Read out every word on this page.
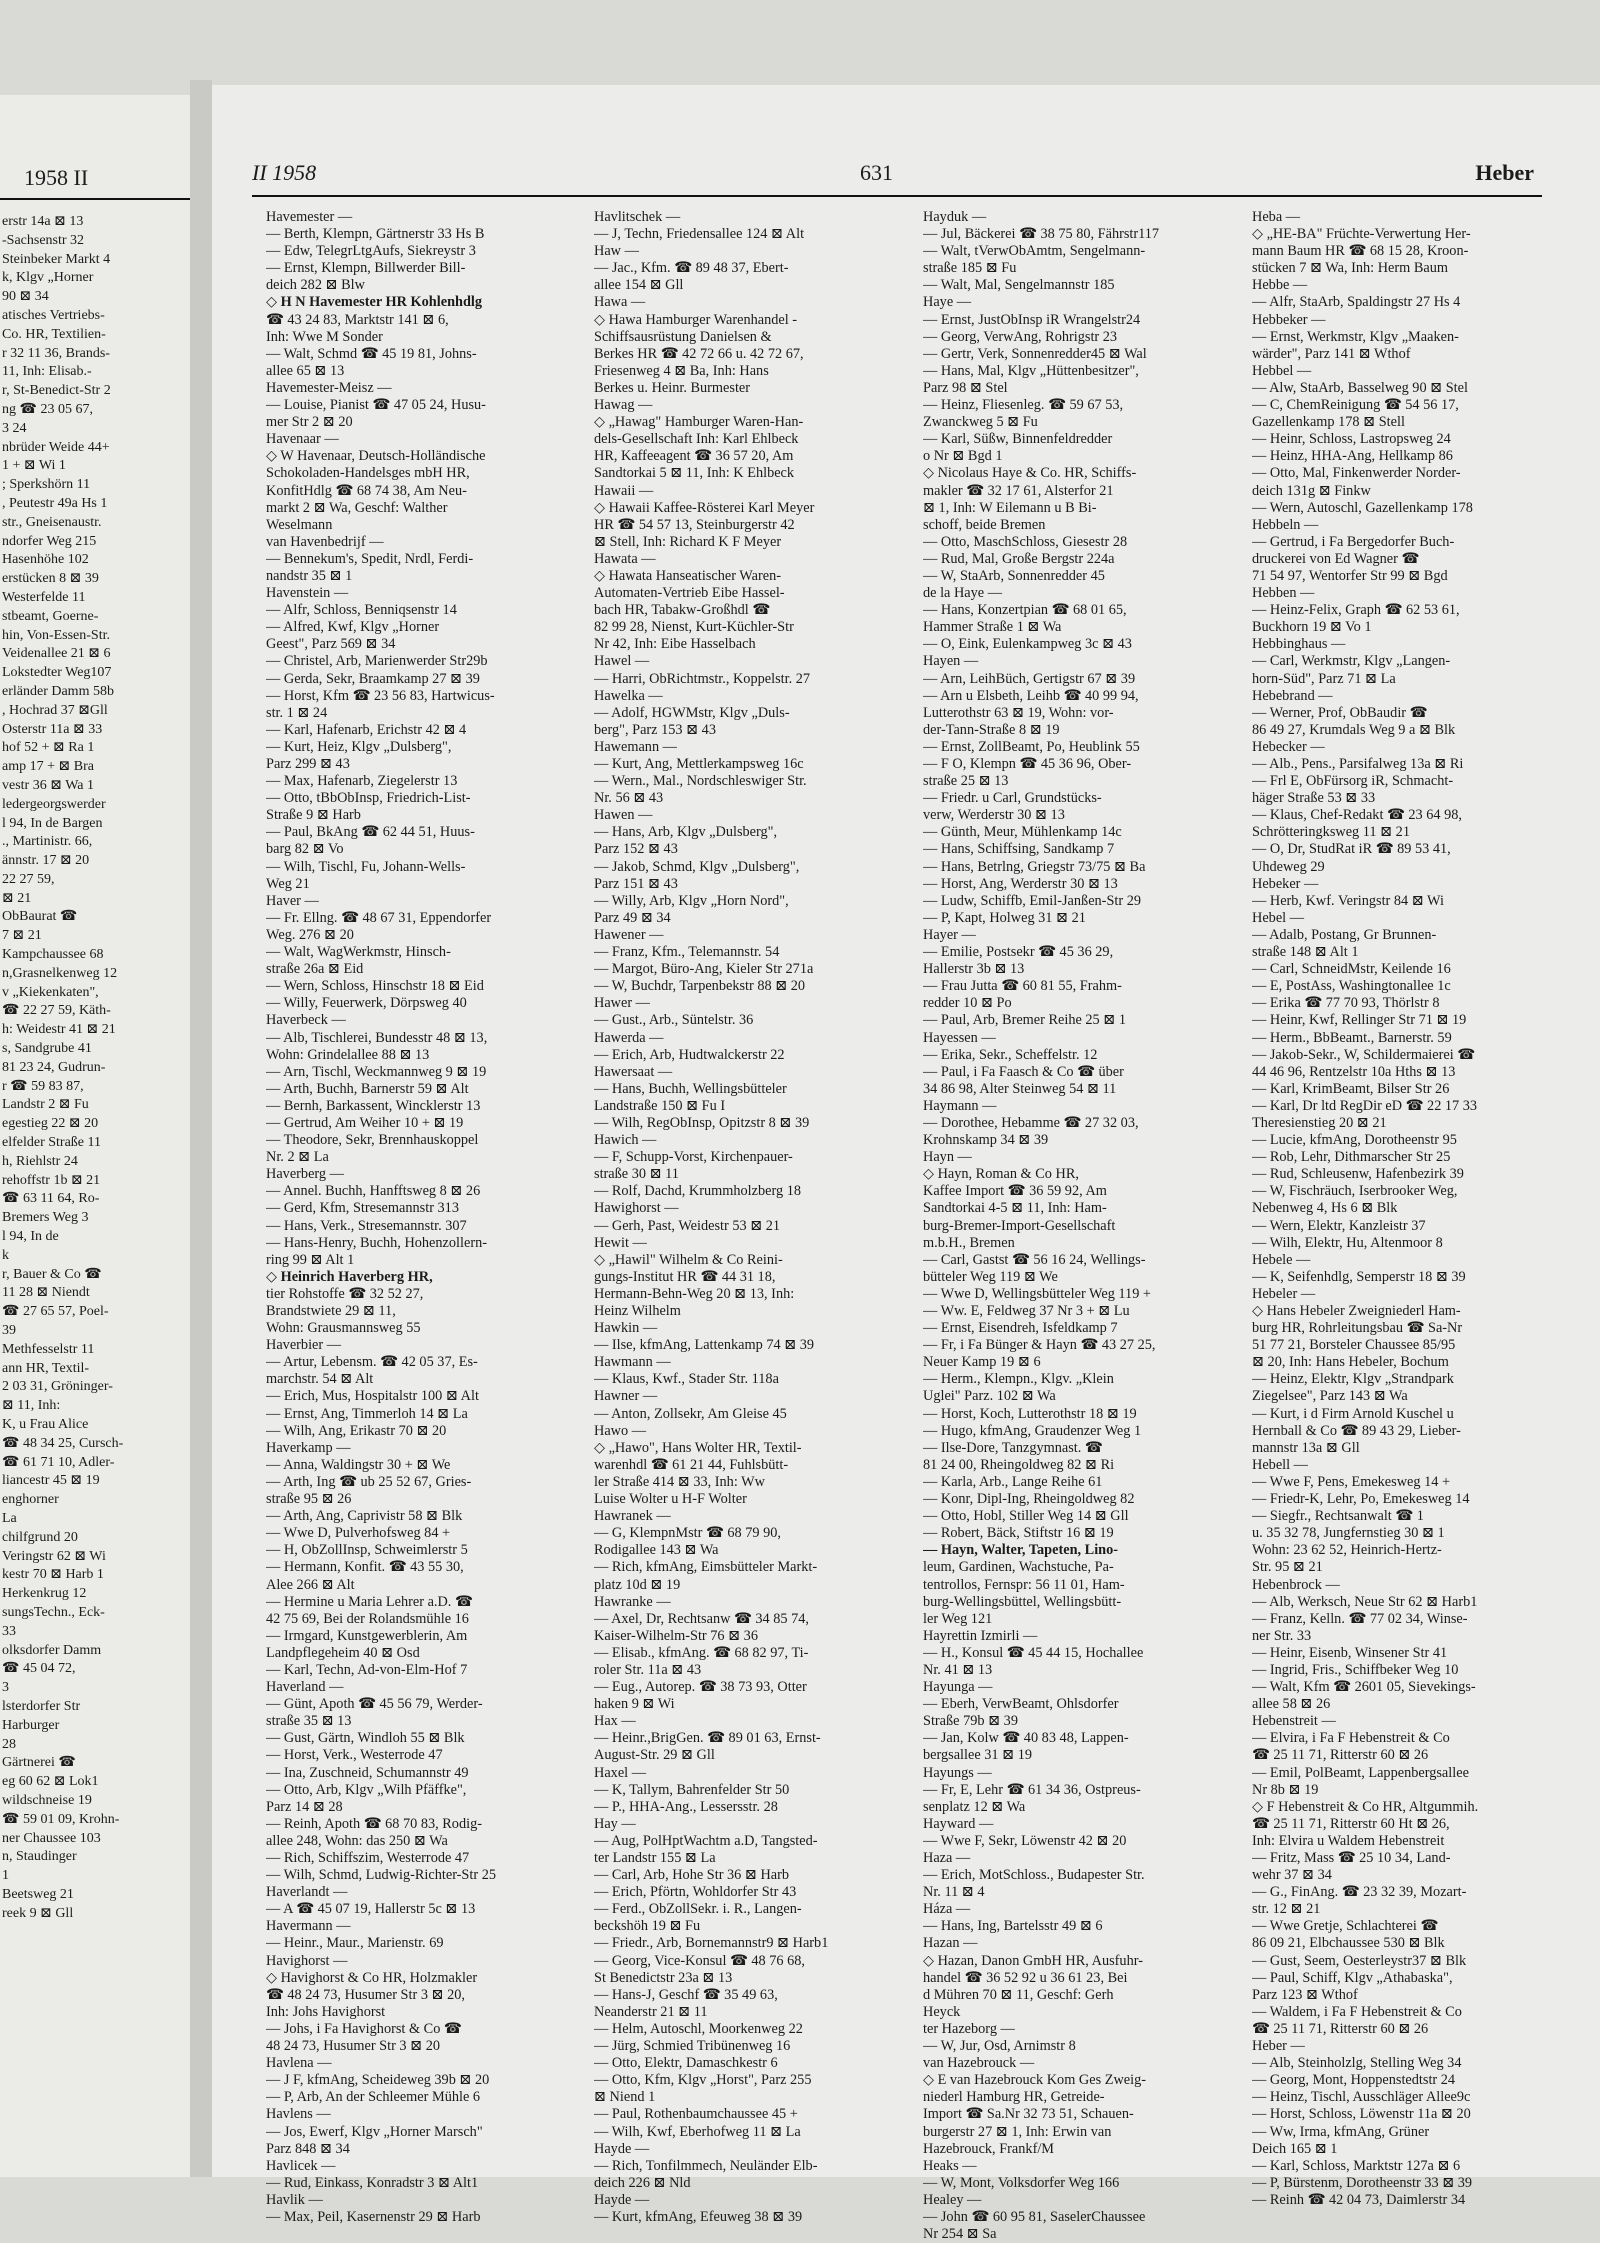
1958 II
erstr 14a ⊠ 13
-Sachsenstr 32
Steinbeker Markt 4
k, Klgv „Horner
90 ⊠ 34
atisches Vertriebs-
Co. HR, Textilien-
r 32 11 36, Brands-
11, Inh: Elisab.-
r, St-Benedict-Str 2
ng ☎ 23 05 67,
3 24
nbrüder Weide 44+
1 + ⊠ Wi 1
; Sperkshörn 11
, Peutestr 49a Hs 1
str., Gneisenaustr.
ndorfer Weg 215
Hasenhöhe 102
erstücken 8 ⊠ 39
Westerfelde 11
stbeamt, Goerne-
hin, Von-Essen-Str.
Veidenallee 21 ⊠ 6
Lokstedter Weg107
erländer Damm 58b
, Hochrad 37 ⊠Gll
Osterstr 11a ⊠ 33
hof 52 + ⊠ Ra 1
amp 17 + ⊠ Bra
vestr 36 ⊠ Wa 1
ledergeorgswerder
l 94, In de Bargen
., Martinistr. 66,
ännstr. 17 ⊠ 20
22 27 59,
⊠ 21
ObBaurat ☎
7 ⊠ 21
Kampchaussee 68
n,Grasnelkenweg 12
v „Kiekenkaten",
☎ 22 27 59, Käth-
h: Weidestr 41 ⊠ 21
s, Sandgrube 41
81 23 24, Gudrun-
r ☎ 59 83 87,
Landstr 2 ⊠ Fu
egestieg 22 ⊠ 20
elfelder Straße 11
h, Riehlstr 24
rehoffstr 1b ⊠ 21
☎ 63 11 64, Ro-
Bremers Weg 3
l 94, In de
k
r, Bauer & Co ☎
11 28 ⊠ Niendt
☎ 27 65 57, Poel-
39
Methfesselstr 11
ann HR, Textil-
2 03 31, Gröninger-
⊠ 11, Inh:
K, u Frau Alice
☎ 48 34 25, Cursch-
☎ 61 71 10, Adler-
liancestr 45 ⊠ 19
enghorner
La
chilfgrund 20
Veringstr 62 ⊠ Wi
kestr 70 ⊠ Harb 1
Herkenkrug 12
sungsTechn., Eck-
33
olksdorfer Damm
☎ 45 04 72,
3
lsterdorfer Str
Harburger
28
Gärtnerei ☎
eg 60 62 ⊠ Lok1
wildschneise 19
☎ 59 01 09, Krohn-
ner Chaussee 103
n, Staudinger
1
Beetsweg 21
reek 9 ⊠ Gll
II 1958	631	Heber
Havemester —
— Berth, Klempn, Gärtnerstr 33 Hs B
— Edw, TelegrLtgAufs, Siekreystr 3
— Ernst, Klempn, Billwerder Bill-
deich 282 ⊠ Blw
◇ H N Havemester HR Kohlenhdlg
☎ 43 24 83, Marktstr 141 ⊠ 6,
Inh: Wwe M Sonder
— Walt, Schmd ☎ 45 19 81, Johns-
allee 65 ⊠ 13
Havemester-Meisz —
— Louise, Pianist ☎ 47 05 24, Husu-
mer Str 2 ⊠ 20
Havenaar —
◇ W Havenaar, Deutsch-Holländische
Schokoladen-Handelsges mbH HR,
KonfitHdlg ☎ 68 74 38, Am Neu-
markt 2 ⊠ Wa, Geschf: Walther
Weselmann
van Havenbedrijf —
— Bennekum's, Spedit, Nrdl, Ferdi-
nandstr 35 ⊠ 1
Havenstein —
— Alfr, Schloss, Benniqsenstr 14
— Alfred, Kwf, Klgv „Horner
Geest", Parz 569 ⊠ 34
— Christel, Arb, Marienwerder Str29b
— Gerda, Sekr, Braamkamp 27 ⊠ 39
— Horst, Kfm ☎ 23 56 83, Hartwicus-
str. 1 ⊠ 24
— Karl, Hafenarb, Erichstr 42 ⊠ 4
— Kurt, Heiz, Klgv „Dulsberg",
Parz 299 ⊠ 43
— Max, Hafenarb, Ziegelerstr 13
— Otto, tBbObInsp, Friedrich-List-
Straße 9 ⊠ Harb
— Paul, BkAng ☎ 62 44 51, Huus-
barg 82 ⊠ Vo
— Wilh, Tischl, Fu, Johann-Wells-
Weg 21
Haver —
— Fr. Ellng. ☎ 48 67 31, Eppendorfer
Weg. 276 ⊠ 20
— Walt, WagWerkmstr, Hinsch-
straße 26a ⊠ Eid
— Wern, Schloss, Hinschstr 18 ⊠ Eid
— Willy, Feuerwerk, Dörpsweg 40
Haverbeck —
— Alb, Tischlerei, Bundesstr 48 ⊠ 13,
Wohn: Grindelallee 88 ⊠ 13
— Arn, Tischl, Weckmannweg 9 ⊠ 19
— Arth, Buchh, Barnerstr 59 ⊠ Alt
— Bernh, Barkassent, Wincklerstr 13
— Gertrud, Am Weiher 10 + ⊠ 19
— Theodore, Sekr, Brennhauskoppel
Nr. 2 ⊠ La
Haverberg —
— Annel. Buchh, Hanfftsweg 8 ⊠ 26
— Gerd, Kfm, Stresemannstr 313
— Hans, Verk., Stresemannstr. 307
— Hans-Henry, Buchh, Hohenzollern-
ring 99 ⊠ Alt 1
◇ Heinrich Haverberg HR,
tier Rohstoffe ☎ 32 52 27,
Brandstwiete 29 ⊠ 11,
Wohn: Grausmannsweg 55
Haverbier —
— Artur, Lebensm. ☎ 42 05 37, Es-
marchstr. 54 ⊠ Alt
— Erich, Mus, Hospitalstr 100 ⊠ Alt
— Ernst, Ang, Timmerloh 14 ⊠ La
— Wilh, Ang, Erikastr 70 ⊠ 20
Haverkamp —
— Anna, Waldingstr 30 + ⊠ We
— Arth, Ing ☎ ub 25 52 67, Gries-
straße 95 ⊠ 26
— Arth, Ang, Caprivistr 58 ⊠ Blk
— Wwe D, Pulverhofsweg 84 +
— H, ObZollInsp, Schweimlerstr 5
— Hermann, Konfit. ☎ 43 55 30,
Alee 266 ⊠ Alt
— Hermine u Maria Lehrer a.D. ☎
42 75 69, Bei der Rolandsmühle 16
— Irmgard, Kunstgewerblerin, Am
Landpflegeheim 40 ⊠ Osd
— Karl, Techn, Ad-von-Elm-Hof 7
Haverland —
— Günt, Apoth ☎ 45 56 79, Werder-
straße 35 ⊠ 13
— Gust, Gärtn, Windloh 55 ⊠ Blk
— Horst, Verk., Westerrode 47
— Ina, Zuschneid, Schumannstr 49
— Otto, Arb, Klgv „Wilh Pfäffke",
Parz 14 ⊠ 28
— Reinh, Apoth ☎ 68 70 83, Rodig-
allee 248, Wohn: das 250 ⊠ Wa
— Rich, Schiffszim, Westerrode 47
— Wilh, Schmd, Ludwig-Richter-Str 25
Haverlandt —
— A ☎ 45 07 19, Hallerstr 5c ⊠ 13
Havermann —
— Heinr., Maur., Marienstr. 69
Havighorst —
◇ Havighorst & Co HR, Holzmakler
☎ 48 24 73, Husumer Str 3 ⊠ 20,
Inh: Johs Havighorst
— Johs, i Fa Havighorst & Co ☎
48 24 73, Husumer Str 3 ⊠ 20
Havlena —
— J F, kfmAng, Scheideweg 39b ⊠ 20
— P, Arb, An der Schleemer Mühle 6
Havlens —
— Jos, Ewerf, Klgv „Horner Marsch"
Parz 848 ⊠ 34
Havlicek —
— Rud, Einkass, Konradstr 3 ⊠ Alt1
Havlik —
— Max, Peil, Kasernenstr 29 ⊠ Harb
Havlitschek —
— J, Techn, Friedensallee 124 ⊠ Alt
Haw —
— Jac., Kfm. ☎ 89 48 37, Ebert-
allee 154 ⊠ Gll
Hawa —
◇ Hawa Hamburger Warenhandel -
Schiffsausrüstung Danielsen &
Berkes HR ☎ 42 72 66 u. 42 72 67,
Friesenweg 4 ⊠ Ba, Inh: Hans
Berkes u. Heinr. Burmester
Hawag —
◇ „Hawag" Hamburger Waren-Han-
dels-Gesellschaft Inh: Karl Ehlbeck
HR, Kaffeeagent ☎ 36 57 20, Am
Sandtorkai 5 ⊠ 11, Inh: K Ehlbeck
Hawaii —
◇ Hawaii Kaffee-Rösterei Karl Meyer
HR ☎ 54 57 13, Steinburgerstr 42
⊠ Stell, Inh: Richard K F Meyer
Hawata —
◇ Hawata Hanseatischer Waren-
Automaten-Vertrieb Eibe Hassel-
bach HR, Tabakw-Großhdl ☎
82 99 28, Nienst, Kurt-Küchler-Str
Nr 42, Inh: Eibe Hasselbach
Hawel —
— Harri, ObRichtmstr., Koppelstr. 27
Hawelka —
— Adolf, HGWMstr, Klgv „Duls-
berg", Parz 153 ⊠ 43
Hawemann —
— Kurt, Ang, Mettlerkampsweg 16c
— Wern., Mal., Nordschleswiger Str.
Nr. 56 ⊠ 43
Hawen —
— Hans, Arb, Klgv „Dulsberg",
Parz 152 ⊠ 43
— Jakob, Schmd, Klgv „Dulsberg",
Parz 151 ⊠ 43
— Willy, Arb, Klgv „Horn Nord",
Parz 49 ⊠ 34
Hawener —
— Franz, Kfm., Telemannstr. 54
— Margot, Büro-Ang, Kieler Str 271a
— W, Buchdr, Tarpenbekstr 88 ⊠ 20
Hawer —
— Gust., Arb., Süntelstr. 36
Hawerda —
— Erich, Arb, Hudtwalckerstr 22
Hawersaat —
— Hans, Buchh, Wellingsbütteler
Landstraße 150 ⊠ Fu I
— Wilh, RegObInsp, Opitzstr 8 ⊠ 39
Hawich —
— F, Schupp-Vorst, Kirchenpauer-
straße 30 ⊠ 11
— Rolf, Dachd, Krummholzberg 18
Hawighorst —
— Gerh, Past, Weidestr 53 ⊠ 21
Hewit —
◇ „Hawil" Wilhelm & Co Reini-
gungs-Institut HR ☎ 44 31 18,
Hermann-Behn-Weg 20 ⊠ 13, Inh:
Heinz Wilhelm
Hawkin —
— Ilse, kfmAng, Lattenkamp 74 ⊠ 39
Hawmann —
— Klaus, Kwf., Stader Str. 118a
Hawner —
— Anton, Zollsekr, Am Gleise 45
Hawo —
◇ „Hawo", Hans Wolter HR, Textil-
warenhdl ☎ 61 21 44, Fuhlsbütt-
ler Straße 414 ⊠ 33, Inh: Ww
Luise Wolter u H-F Wolter
Hawranek —
— G, KlempnMstr ☎ 68 79 90,
Rodigallee 143 ⊠ Wa
— Rich, kfmAng, Eimsbütteler Markt-
platz 10d ⊠ 19
Hawranke —
— Axel, Dr, Rechtsanw ☎ 34 85 74,
Kaiser-Wilhelm-Str 76 ⊠ 36
— Elisab., kfmAng. ☎ 68 82 97, Ti-
roler Str. 11a ⊠ 43
— Eug., Autorep. ☎ 38 73 93, Otter
haken 9 ⊠ Wi
Hax —
— Heinr.,BrigGen. ☎ 89 01 63, Ernst-
August-Str. 29 ⊠ Gll
Haxel —
— K, Tallym, Bahrenfelder Str 50
— P., HHA-Ang., Lessersstr. 28
Hay —
— Aug, PolHptWachtm a.D, Tangsted-
ter Landstr 155 ⊠ La
— Carl, Arb, Hohe Str 36 ⊠ Harb
— Erich, Pförtn, Wohldorfer Str 43
— Ferd., ObZollSekr. i. R., Langen-
beckshöh 19 ⊠ Fu
— Friedr., Arb, Bornemannstr9 ⊠ Harb1
— Georg, Vice-Konsul ☎ 48 76 68,
St Benedictstr 23a ⊠ 13
— Hans-J, Geschf ☎ 35 49 63,
Neanderstr 21 ⊠ 11
— Helm, Autoschl, Moorkenweg 22
— Jürg, Schmied Tribünenweg 16
— Otto, Elektr, Damaschkestr 6
— Otto, Kfm, Klgv „Horst", Parz 255
⊠ Niend 1
— Paul, Rothenbaumchaussee 45 +
— Wilh, Kwf, Eberhofweg 11 ⊠ La
Hayde —
— Rich, Tonfilmmech, Neuländer Elb-
deich 226 ⊠ Nld
Hayde —
— Kurt, kfmAng, Efeuweg 38 ⊠ 39
Hayduk —
— Jul, Bäckerei ☎ 38 75 80, Fährstr117
— Walt, tVerwObAmtm, Sengelmann-
straße 185 ⊠ Fu
— Walt, Mal, Sengelmannstr 185
Haye —
— Ernst, JustObInsp iR Wrangelstr24
— Georg, VerwAng, Rohrigstr 23
— Gertr, Verk, Sonnenredder45 ⊠ Wal
— Hans, Mal, Klgv „Hüttenbesitzer",
Parz 98 ⊠ Stel
— Heinz, Fliesenleg. ☎ 59 67 53,
Zwanckweg 5 ⊠ Fu
— Karl, Süßw, Binnenfeldredder
o Nr ⊠ Bgd 1
◇ Nicolaus Haye & Co. HR, Schiffs-
makler ☎ 32 17 61, Alsterfor 21
⊠ 1, Inh: W Eilemann u B Bi-
schoff, beide Bremen
— Otto, MaschSchloss, Giesestr 28
— Rud, Mal, Große Bergstr 224a
— W, StaArb, Sonnenredder 45
de la Haye —
— Hans, Konzertpian ☎ 68 01 65,
Hammer Straße 1 ⊠ Wa
— O, Eink, Eulenkampweg 3c ⊠ 43
Hayen —
— Arn, LeihBüch, Gertigstr 67 ⊠ 39
— Arn u Elsbeth, Leihb ☎ 40 99 94,
Lutterothstr 63 ⊠ 19, Wohn: vor-
der-Tann-Straße 8 ⊠ 19
— Ernst, ZollBeamt, Po, Heublink 55
— F O, Klempn ☎ 45 36 96, Ober-
straße 25 ⊠ 13
— Friedr. u Carl, Grundstücks-
verw, Werderstr 30 ⊠ 13
— Günth, Meur, Mühlenkamp 14c
— Hans, Schiffsing, Sandkamp 7
— Hans, Betrlng, Griegstr 73/75 ⊠ Ba
— Horst, Ang, Werderstr 30 ⊠ 13
— Ludw, Schiffb, Emil-Janßen-Str 29
— P, Kapt, Holweg 31 ⊠ 21
Hayer —
— Emilie, Postsekr ☎ 45 36 29,
Hallerstr 3b ⊠ 13
— Frau Jutta ☎ 60 81 55, Frahm-
redder 10 ⊠ Po
— Paul, Arb, Bremer Reihe 25 ⊠ 1
Hayessen —
— Erika, Sekr., Scheffelstr. 12
— Paul, i Fa Faasch & Co ☎ über
34 86 98, Alter Steinweg 54 ⊠ 11
Haymann —
— Dorothee, Hebamme ☎ 27 32 03,
Krohnskamp 34 ⊠ 39
Hayn —
◇ Hayn, Roman & Co HR,
Kaffee Import ☎ 36 59 92, Am
Sandtorkai 4-5 ⊠ 11, Inh: Ham-
burg-Bremer-Import-Gesellschaft
m.b.H., Bremen
— Carl, Gastst ☎ 56 16 24, Wellings-
bütteler Weg 119 ⊠ We
— Wwe D, Wellingsbütteler Weg 119 +
— Ww. E, Feldweg 37 Nr 3 + ⊠ Lu
— Ernst, Eisendreh, Isfeldkamp 7
— Fr, i Fa Bünger & Hayn ☎ 43 27 25,
Neuer Kamp 19 ⊠ 6
— Herm., Klempn., Klgv. „Klein
Uglei" Parz. 102 ⊠ Wa
— Horst, Koch, Lutterothstr 18 ⊠ 19
— Hugo, kfmAng, Graudenzer Weg 1
— Ilse-Dore, Tanzgymnast. ☎
81 24 00, Rheingoldweg 82 ⊠ Ri
— Karla, Arb., Lange Reihe 61
— Konr, Dipl-Ing, Rheingoldweg 82
— Otto, Hobl, Stiller Weg 14 ⊠ Gll
— Robert, Bäck, Stiftstr 16 ⊠ 19
— Hayn, Walter, Tapeten, Lino-
leum, Gardinen, Wachstuche, Pa-
tentrollos, Fernspr: 56 11 01, Ham-
burg-Wellingsbüttel, Wellingsbütt-
ler Weg 121
Hayrettin Izmirli —
— H., Konsul ☎ 45 44 15, Hochallee
Nr. 41 ⊠ 13
Hayunga —
— Eberh, VerwBeamt, Ohlsdorfer
Straße 79b ⊠ 39
— Jan, Kolw ☎ 40 83 48, Lappen-
bergsallee 31 ⊠ 19
Hayungs —
— Fr, E, Lehr ☎ 61 34 36, Ostpreus-
senplatz 12 ⊠ Wa
Hayward —
— Wwe F, Sekr, Löwenstr 42 ⊠ 20
Haza —
— Erich, MotSchloss., Budapester Str.
Nr. 11 ⊠ 4
Háza —
— Hans, Ing, Bartelsstr 49 ⊠ 6
Hazan —
◇ Hazan, Danon GmbH HR, Ausfuhr-
handel ☎ 36 52 92 u 36 61 23, Bei
d Mühren 70 ⊠ 11, Geschf: Gerh
Heyck
ter Hazeborg —
— W, Jur, Osd, Arnimstr 8
van Hazebrouck —
◇ E van Hazebrouck Kom Ges Zweig-
niederl Hamburg HR, Getreide-
Import ☎ Sa.Nr 32 73 51, Schauen-
burgerstr 27 ⊠ 1, Inh: Erwin van
Hazebrouck, Frankf/M
Heaks —
— W, Mont, Volksdorfer Weg 166
Healey —
— John ☎ 60 95 81, SaselerChaussee
Nr 254 ⊠ Sa
Heba —
◇ „HE-BA" Früchte-Verwertung Her-
mann Baum HR ☎ 68 15 28, Kroon-
stücken 7 ⊠ Wa, Inh: Herm Baum
Hebbe —
— Alfr, StaArb, Spaldingstr 27 Hs 4
Hebbeker —
— Ernst, Werkmstr, Klgv „Maaken-
wärder", Parz 141 ⊠ Wthof
Hebbel —
— Alw, StaArb, Basselweg 90 ⊠ Stel
— C, ChemReinigung ☎ 54 56 17,
Gazellenkamp 178 ⊠ Stell
— Heinr, Schloss, Lastropsweg 24
— Heinz, HHA-Ang, Hellkamp 86
— Otto, Mal, Finkenwerder Norder-
deich 131g ⊠ Finkw
— Wern, Autoschl, Gazellenkamp 178
Hebbeln —
— Gertrud, i Fa Bergedorfer Buch-
druckerei von Ed Wagner ☎
71 54 97, Wentorfer Str 99 ⊠ Bgd
Hebben —
— Heinz-Felix, Graph ☎ 62 53 61,
Buckhorn 19 ⊠ Vo 1
Hebbinghaus —
— Carl, Werkmstr, Klgv „Langen-
horn-Süd", Parz 71 ⊠ La
Hebebrand —
— Werner, Prof, ObBaudir ☎
86 49 27, Krumdals Weg 9 a ⊠ Blk
Hebecker —
— Alb., Pens., Parsifalweg 13a ⊠ Ri
— Frl E, ObFürsorg iR, Schmacht-
häger Straße 53 ⊠ 33
— Klaus, Chef-Redakt ☎ 23 64 98,
Schrötteringksweg 11 ⊠ 21
— O, Dr, StudRat iR ☎ 89 53 41,
Uhdeweg 29
Hebeker —
— Herb, Kwf. Veringstr 84 ⊠ Wi
Hebel —
— Adalb, Postang, Gr Brunnen-
straße 148 ⊠ Alt 1
— Carl, SchneidMstr, Keilende 16
— E, PostAss, Washingtonallee 1c
— Erika ☎ 77 70 93, Thörlstr 8
— Heinr, Kwf, Rellinger Str 71 ⊠ 19
— Herm., BbBeamt., Barnerstr. 59
— Jakob-Sekr., W, Schildermaierei ☎
44 46 96, Rentzelstr 10a Hths ⊠ 13
— Karl, KrimBeamt, Bilser Str 26
— Karl, Dr ltd RegDir eD ☎ 22 17 33
Theresienstieg 20 ⊠ 21
— Lucie, kfmAng, Dorotheenstr 95
— Rob, Lehr, Dithmarscher Str 25
— Rud, Schleusenw, Hafenbezirk 39
— W, Fischräuch, Iserbrooker Weg,
Nebenweg 4, Hs 6 ⊠ Blk
— Wern, Elektr, Kanzleistr 37
— Wilh, Elektr, Hu, Altenmoor 8
Hebele —
— K, Seifenhdlg, Semperstr 18 ⊠ 39
Hebeler —
◇ Hans Hebeler Zweigniederl Ham-
burg HR, Rohrleitungsbau ☎ Sa-Nr
51 77 21, Borsteler Chaussee 85/95
⊠ 20, Inh: Hans Hebeler, Bochum
— Heinz, Elektr, Klgv „Strandpark
Ziegelsee", Parz 143 ⊠ Wa
— Kurt, i d Firm Arnold Kuschel u
Hernball & Co ☎ 89 43 29, Lieber-
mannstr 13a ⊠ Gll
Hebell —
— Wwe F, Pens, Emekesweg 14 +
— Friedr-K, Lehr, Po, Emekesweg 14
— Siegfr., Rechtsanwalt ☎ 1
u. 35 32 78, Jungfernstieg 30 ⊠ 1
Wohn: 23 62 52, Heinrich-Hertz-
Str. 95 ⊠ 21
Hebenbrock —
— Alb, Werksch, Neue Str 62 ⊠ Harb1
— Franz, Kelln. ☎ 77 02 34, Winse-
ner Str. 33
— Heinr, Eisenb, Winsener Str 41
— Ingrid, Fris., Schiffbeker Weg 10
— Walt, Kfm ☎ 2601 05, Sievekings-
allee 58 ⊠ 26
Hebenstreit —
— Elvira, i Fa F Hebenstreit & Co
☎ 25 11 71, Ritterstr 60 ⊠ 26
— Emil, PolBeamt, Lappenbergsallee
Nr 8b ⊠ 19
◇ F Hebenstreit & Co HR, Altgummih.
☎ 25 11 71, Ritterstr 60 Ht ⊠ 26,
Inh: Elvira u Waldem Hebenstreit
— Fritz, Mass ☎ 25 10 34, Land-
wehr 37 ⊠ 34
— G., FinAng. ☎ 23 32 39, Mozart-
str. 12 ⊠ 21
— Wwe Gretje, Schlachterei ☎
86 09 21, Elbchaussee 530 ⊠ Blk
— Gust, Seem, Oesterleystr37 ⊠ Blk
— Paul, Schiff, Klgv „Athabaska",
Parz 123 ⊠ Wthof
— Waldem, i Fa F Hebenstreit & Co
☎ 25 11 71, Ritterstr 60 ⊠ 26
Heber —
— Alb, Steinholzlg, Stelling Weg 34
— Georg, Mont, Hoppenstedtstr 24
— Heinz, Tischl, Ausschläger Allee9c
— Horst, Schloss, Löwenstr 11a ⊠ 20
— Ww, Irma, kfmAng, Grüner
Deich 165 ⊠ 1
— Karl, Schloss, Marktstr 127a ⊠ 6
— P, Bürstenm, Dorotheenstr 33 ⊠ 39
— Reinh ☎ 42 04 73, Daimlerstr 34
